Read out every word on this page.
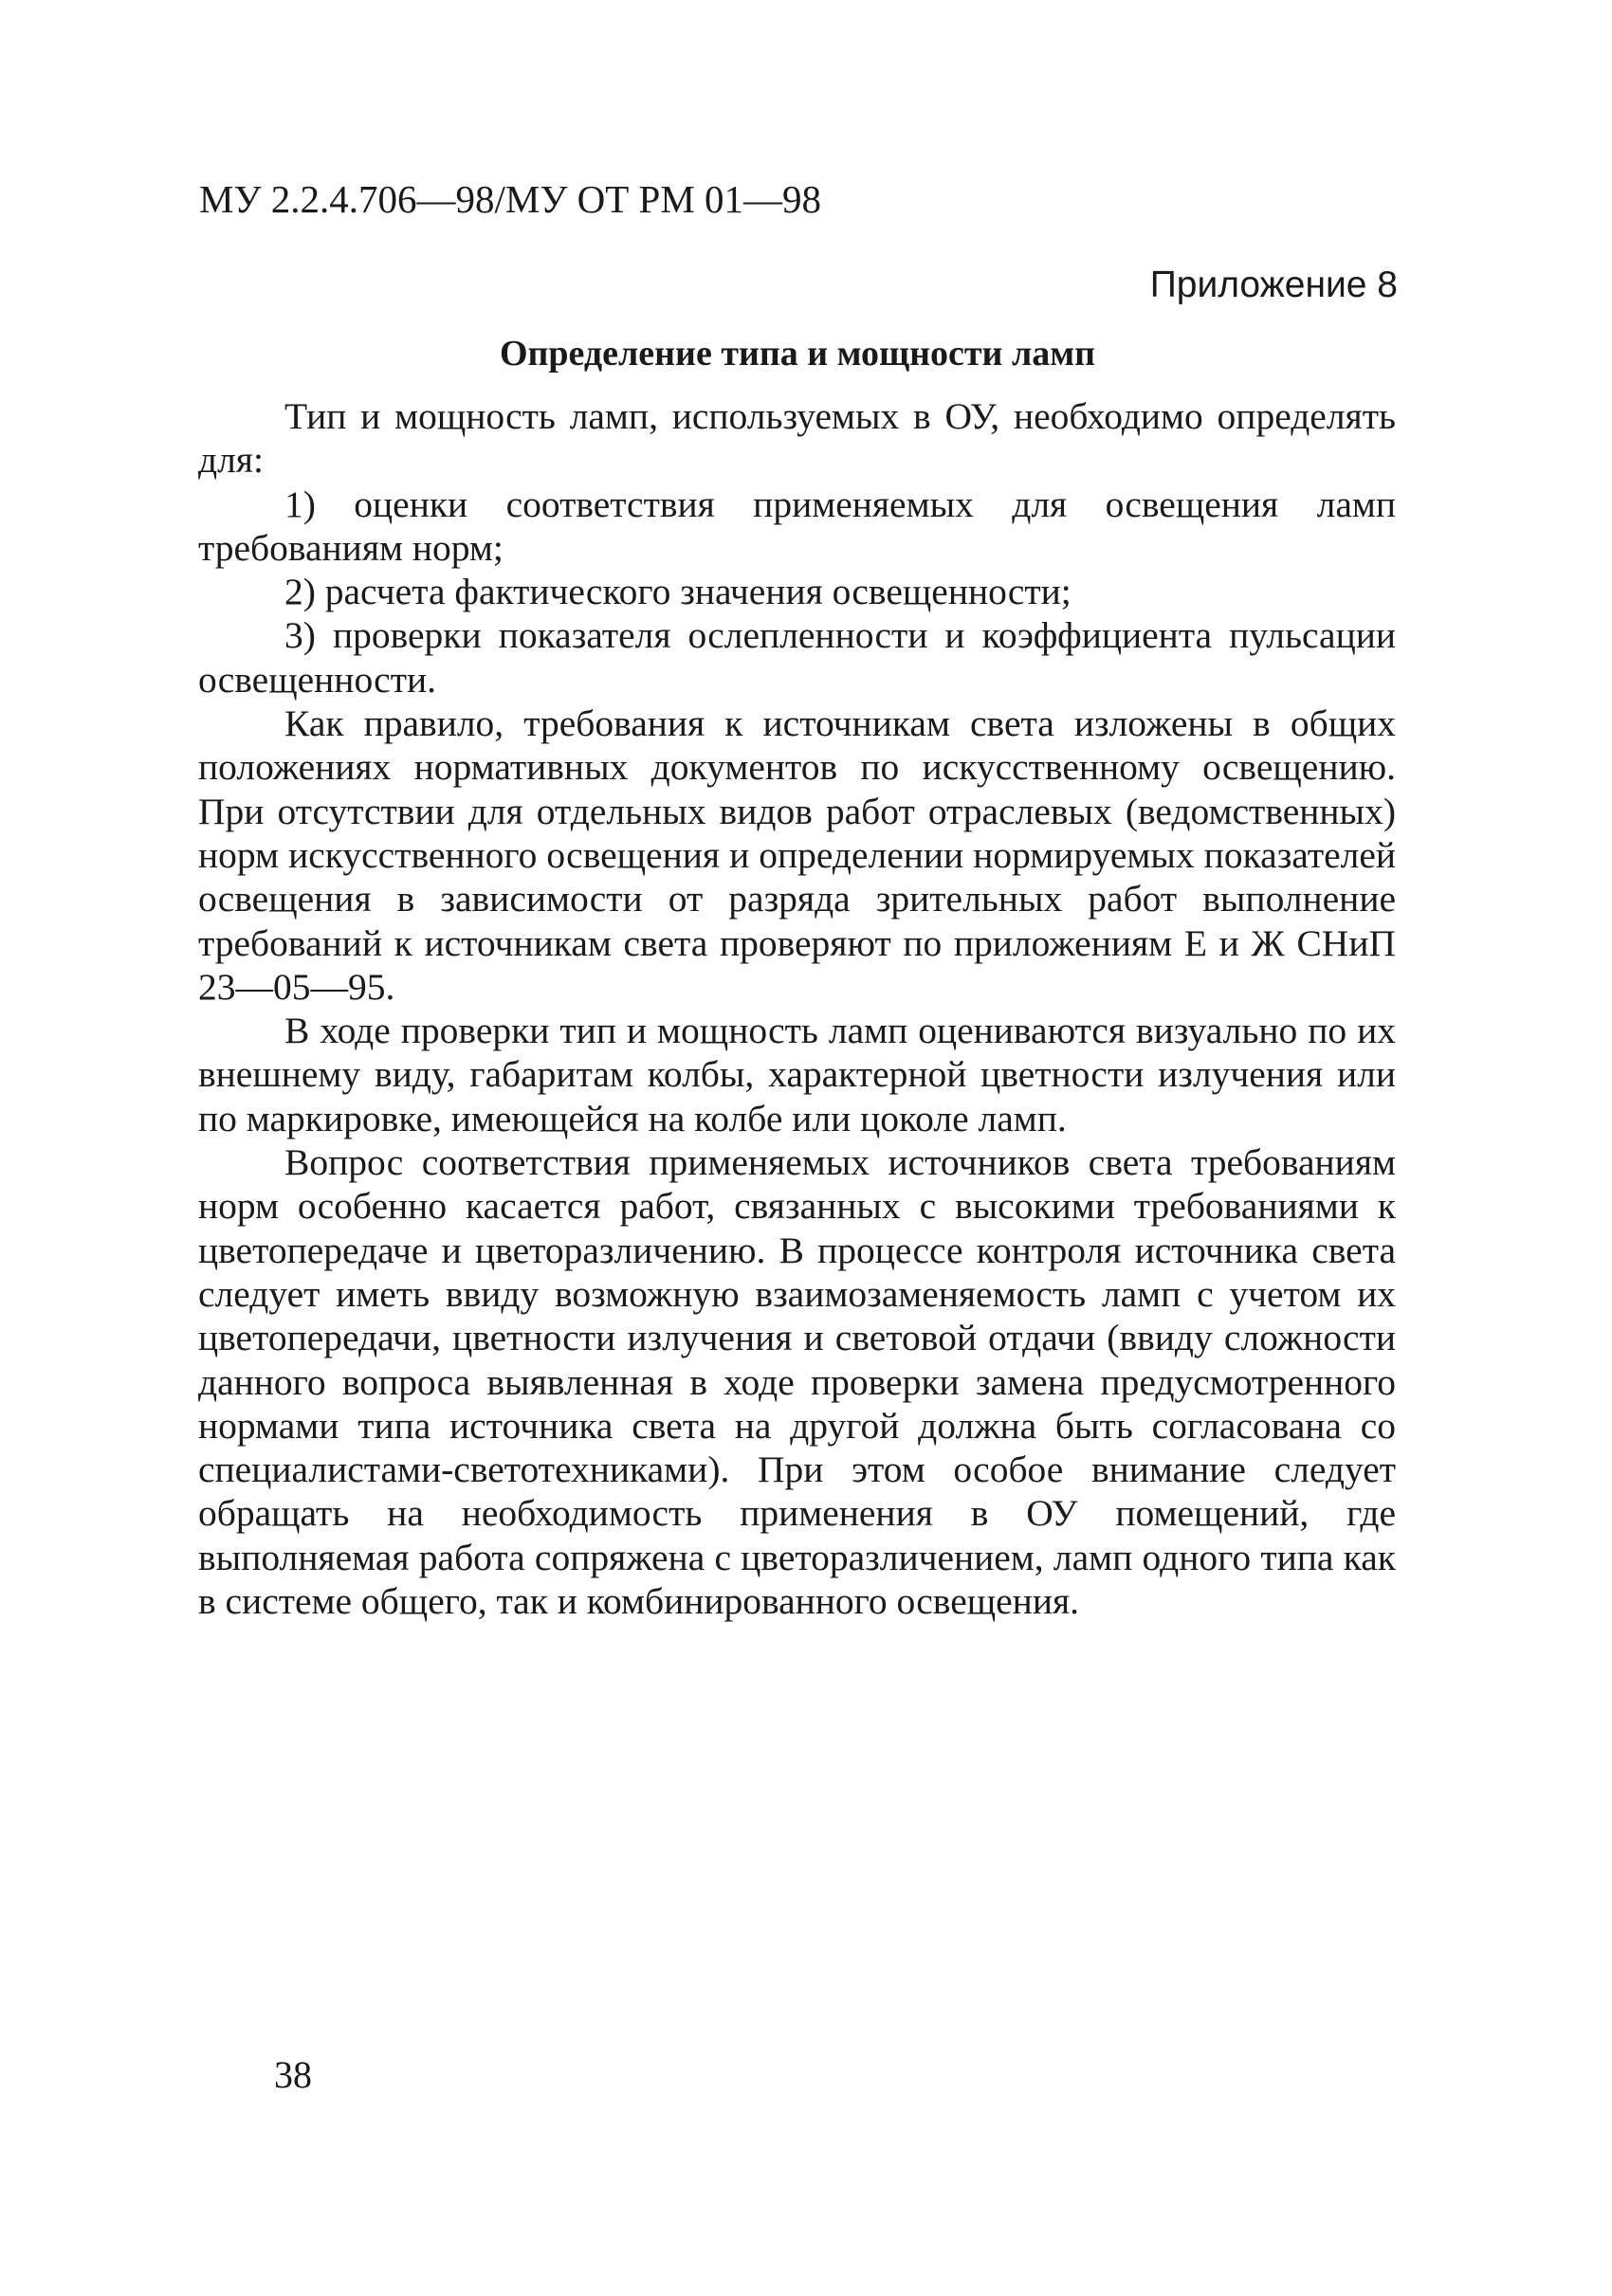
МУ 2.2.4.706—98/МУ ОТ РМ 01—98
Приложение 8
Определение типа и мощности ламп

Тип и мощность ламп, используемых в ОУ, необходимо определять для:

1) оценки соответствия применяемых для освещения ламп требованиям норм;

2) расчета фактического значения освещенности;

3) проверки показателя ослепленности и коэффициента пульсации освещенности.

Как правило, требования к источникам света изложены в общих положениях нормативных документов по искусственному освещению. При отсутствии для отдельных видов работ отраслевых (ведомственных) норм искусственного освещения и определении нормируемых показателей освещения в зависимости от разряда зрительных работ выполнение требований к источникам света проверяют по приложениям Е и Ж СНиП 23—05—95.

В ходе проверки тип и мощность ламп оцениваются визуально по их внешнему виду, габаритам колбы, характерной цветности излучения или по маркировке, имеющейся на колбе или цоколе ламп.

Вопрос соответствия применяемых источников света требованиям норм особенно касается работ, связанных с высокими требованиями к цветопередаче и цветоразличению. В процессе контроля источника света следует иметь ввиду возможную взаимозаменяемость ламп с учетом их цветопередачи, цветности излучения и световой отдачи (ввиду сложности данного вопроса выявленная в ходе проверки замена предусмотренного нормами типа источника света на другой должна быть согласована со специалистами-светотехниками). При этом особое внимание следует обращать на необходимость применения в ОУ помещений, где выполняемая работа сопряжена с цветоразличением, ламп одного типа как в системе общего, так и комбинированного освещения.

38
